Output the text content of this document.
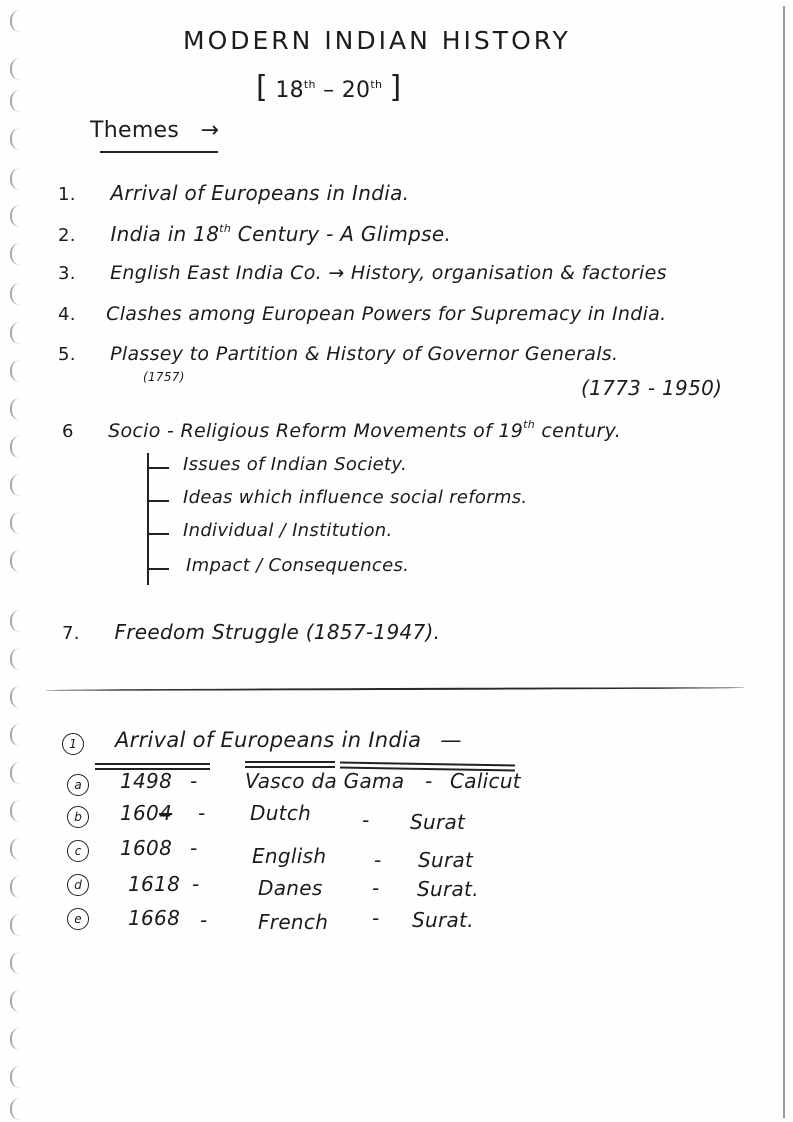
MODERN INDIAN HISTORY
[ 18th – 20th ]
Themes →
1. Arrival of Europeans in India.
2. India in 18th Century - A Glimpse.
3. English East India Co. → History, organisation & factories
4. Clashes among European Powers for Supremacy in India.
5. Plassey to Partition & History of Governor Generals.
(1757)	(1773 - 1950)
6 Socio - Religious Reform Movements of 19th century.
Issues of Indian Society.
Ideas which influence social reforms.
Individual / Institution.
Impact / Consequences.
7. Freedom Struggle (1857-1947).
1	Arrival of Europeans in India —
a	1498 - Vasco da Gama - Calicut
b	1604 - Dutch	- Surat
c	1608 -	English - Surat
d	1618 -	Danes - Surat.
e	1668 -	French - Surat.
